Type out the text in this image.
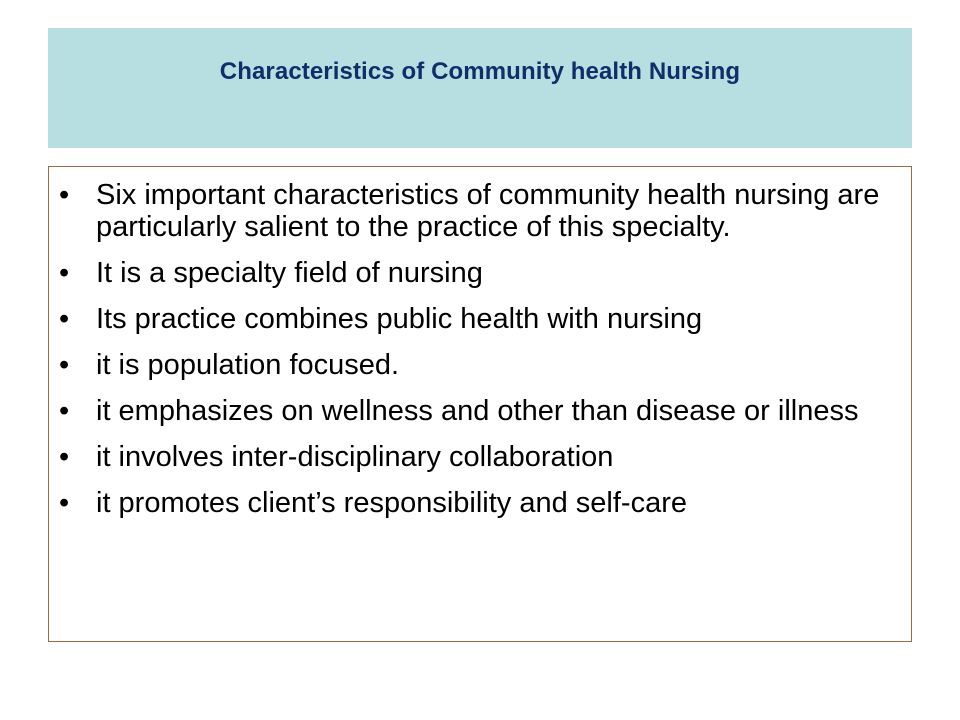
Characteristics of Community health Nursing
• Six important characteristics of community health nursing are particularly salient to the practice of this specialty.
• It is a specialty field of nursing
• Its practice combines public health with nursing
• it is population focused.
• it emphasizes on wellness and other than disease or illness
• it involves inter-disciplinary collaboration
• it promotes client’s responsibility and self-care
